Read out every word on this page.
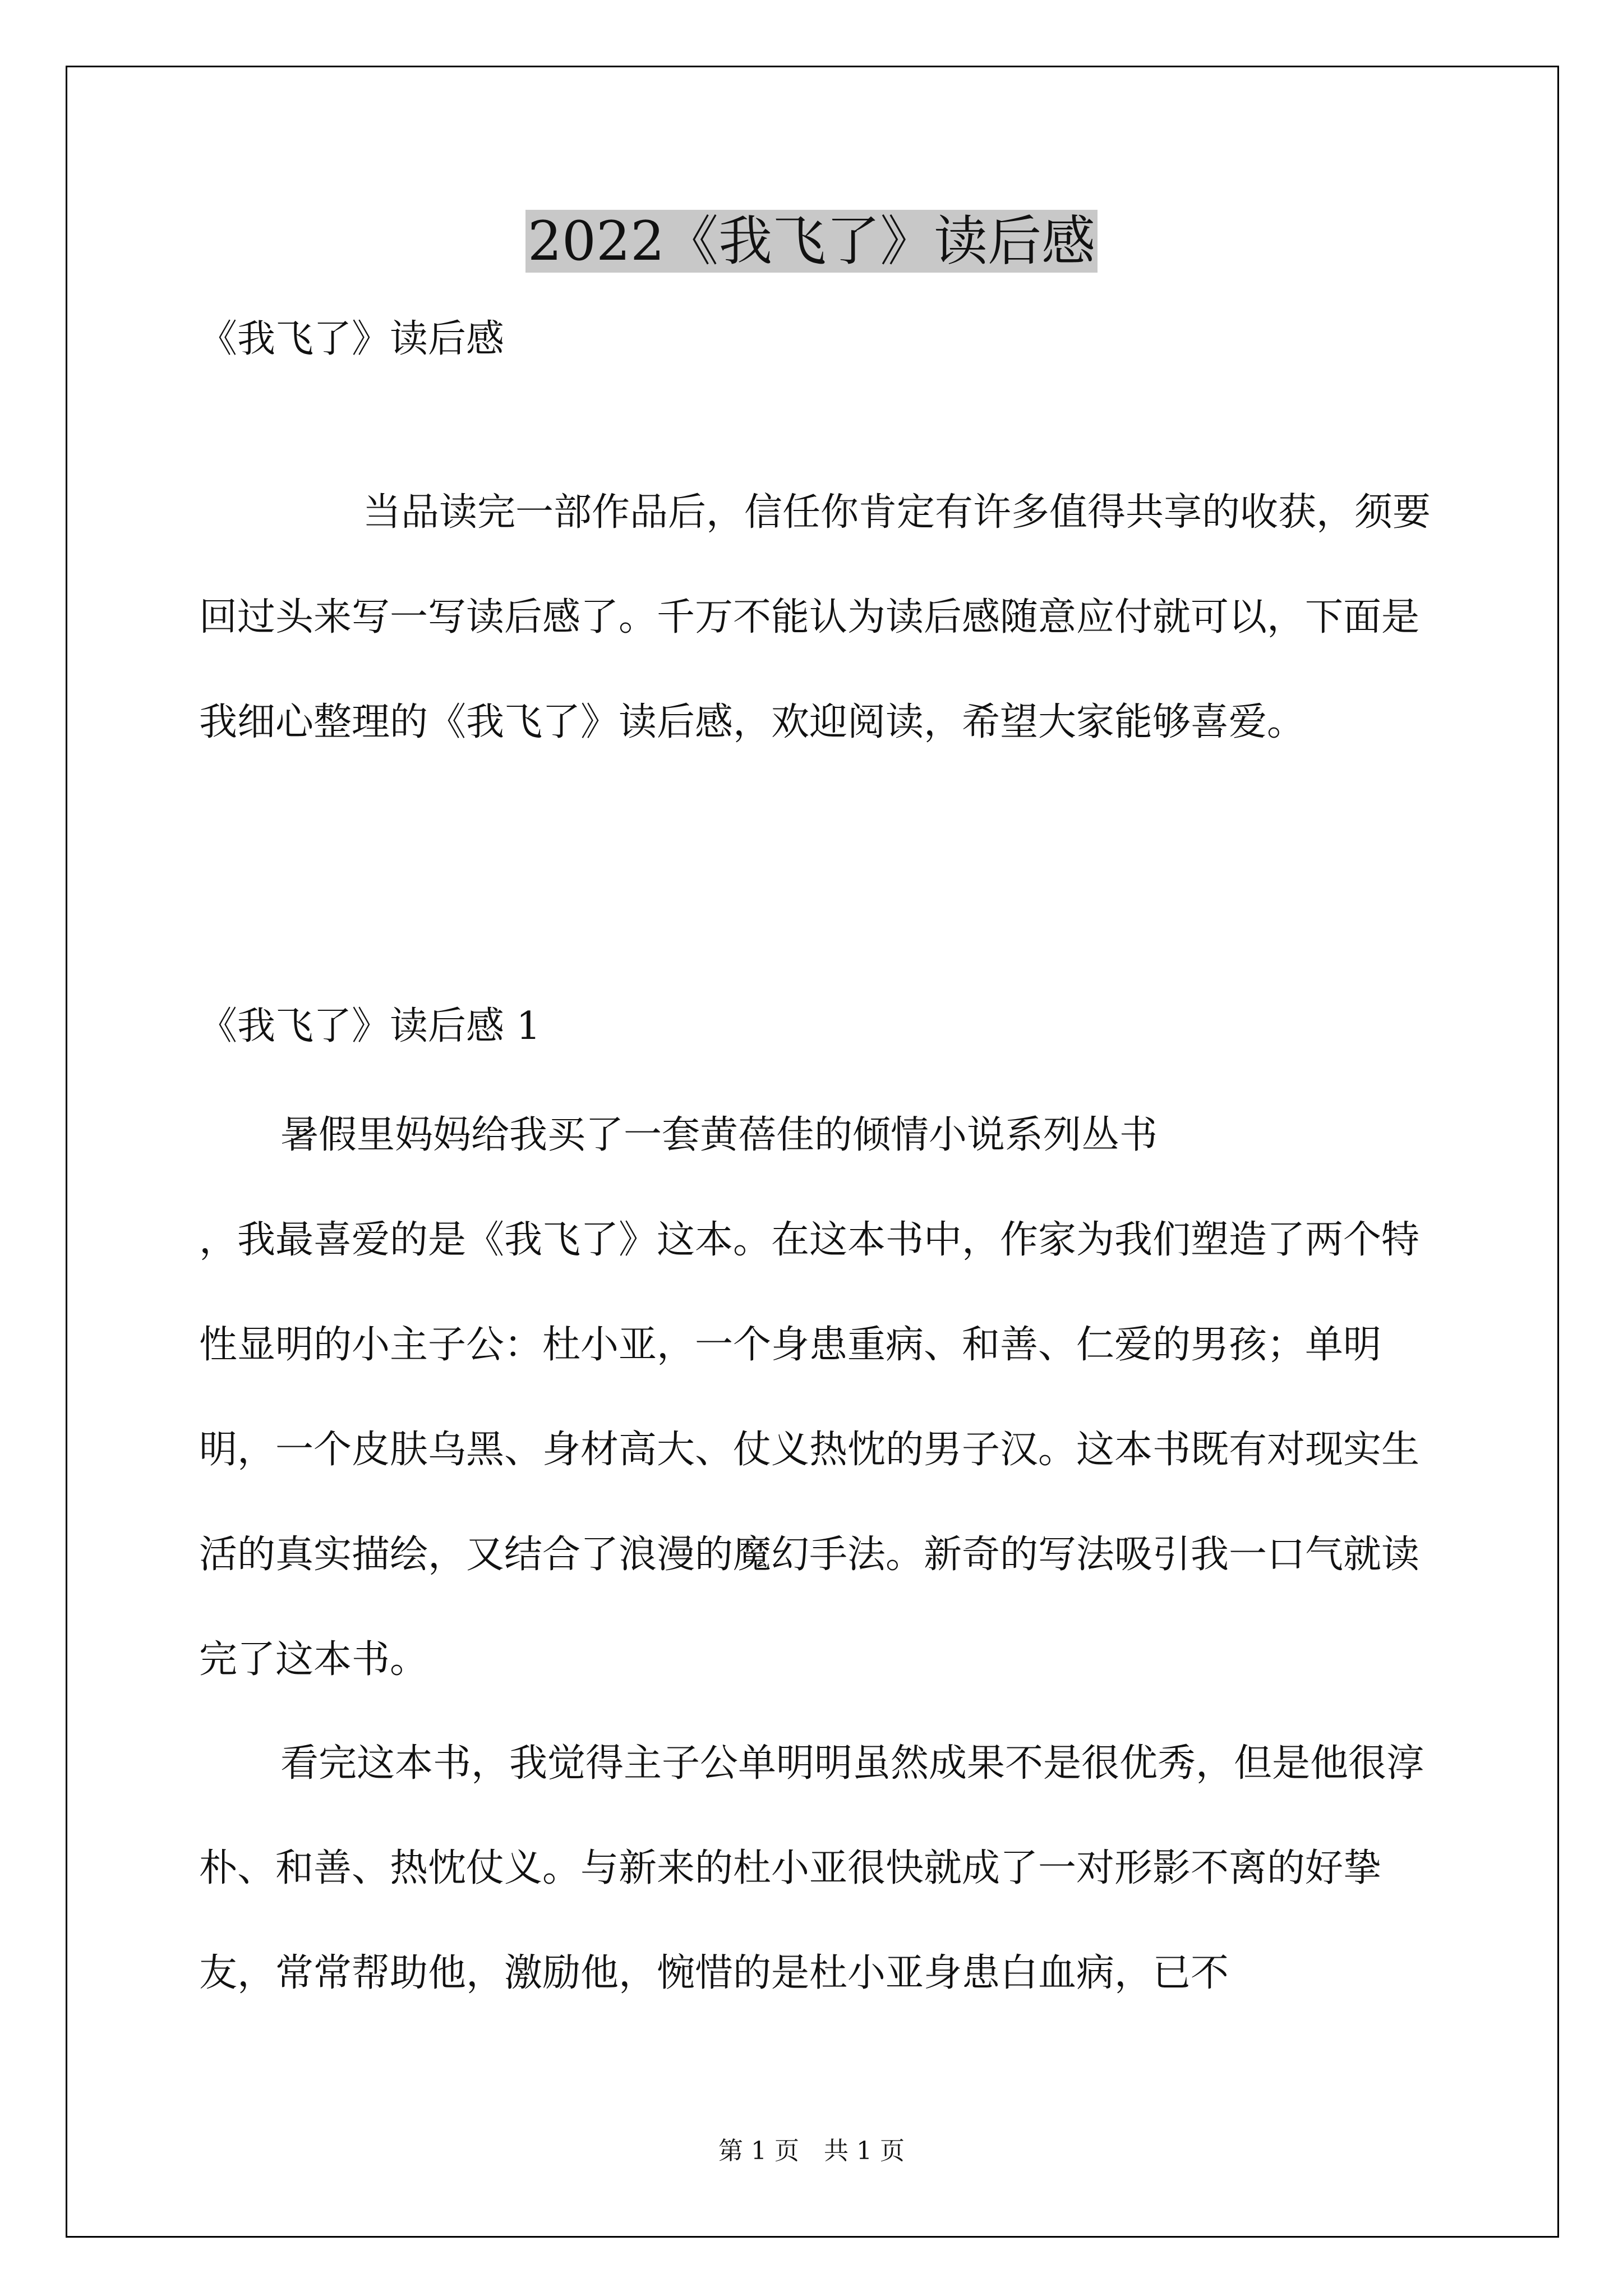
2022《我飞了》读后感

《我飞了》读后感

当品读完一部作品后，信任你肯定有许多值得共享的收获，须要回过头来写一写读后感了。千万不能认为读后感随意应付就可以，下面是我细心整理的《我飞了》读后感，欢迎阅读，希望大家能够喜爱。

《我飞了》读后感 1

暑假里妈妈给我买了一套黄蓓佳的倾情小说系列丛书
，我最喜爱的是《我飞了》这本。在这本书中，作家为我们塑造了两个特性显明的小主子公：杜小亚，一个身患重病、和善、仁爱的男孩；单明明，一个皮肤乌黑、身材高大、仗义热忱的男子汉。这本书既有对现实生活的真实描绘，又结合了浪漫的魔幻手法。新奇的写法吸引我一口气就读完了这本书。

看完这本书，我觉得主子公单明明虽然成果不是很优秀，但是他很淳朴、和善、热忱仗义。与新来的杜小亚很快就成了一对形影不离的好挚友，常常帮助他，激励他，惋惜的是杜小亚身患白血病，已不

第 1 页　共 1 页
